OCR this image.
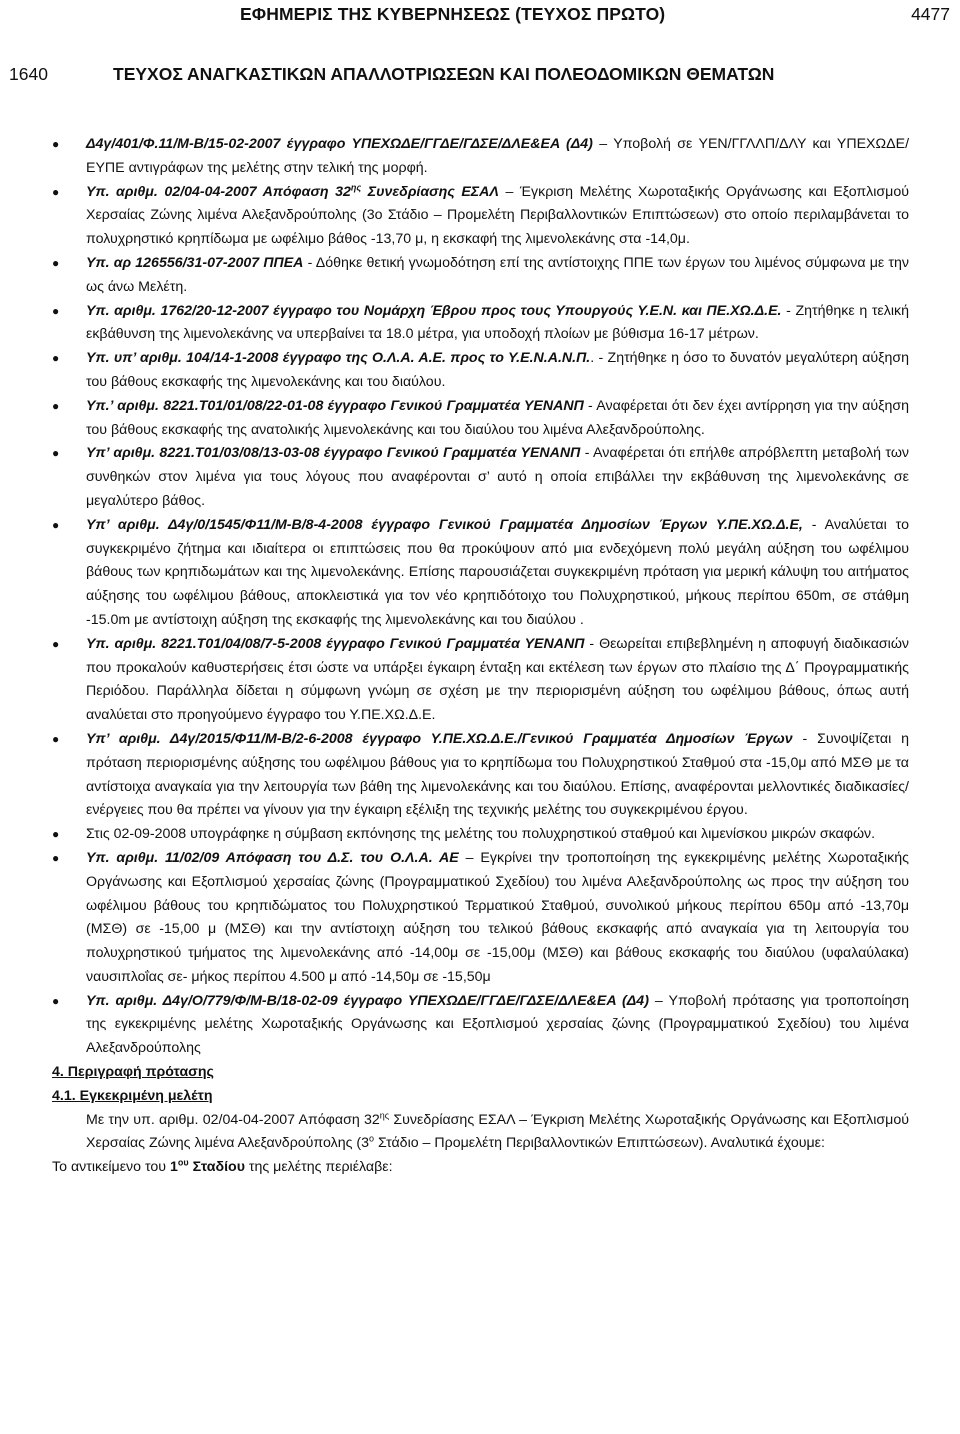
ΕΦΗΜΕΡΙΣ ΤΗΣ ΚΥΒΕΡΝΗΣΕΩΣ (ΤΕΥΧΟΣ ΠΡΩΤΟ)	4477
1640	ΤΕΥΧΟΣ ΑΝΑΓΚΑΣΤΙΚΩΝ ΑΠΑΛΛΟΤΡΙΩΣΕΩΝ ΚΑΙ ΠΟΛΕΟΔΟΜΙΚΩΝ ΘΕΜΑΤΩΝ
● Δ4γ/401/Φ.11/Μ-Β/15-02-2007 έγγραφο ΥΠΕΧΩΔΕ/ΓΓΔΕ/ΓΔΣΕ/ΔΛΕ&ΕΑ (Δ4) – Υποβολή σε ΥΕΝ/ΓΓΛΛΠ/ΔΛΥ και ΥΠΕΧΩΔΕ/ΕΥΠΕ αντιγράφων της μελέτης στην τελική της μορφή.
● Υπ. αριθμ. 02/04-04-2007 Απόφαση $32^{\eta\varsigma}$ Συνεδρίασης ΕΣΑΛ – Έγκριση Μελέτης Χωροταξικής Οργάνωσης και Εξοπλισμού Χερσαίας Ζώνης λιμένα Αλεξανδρούπολης (3ο Στάδιο – Προμελέτη Περιβαλλοντικών Επιπτώσεων) στο οποίο περιλαμβάνεται το πολυχρηστικό κρηπίδωμα με ωφέλιμο βάθος -13,70 μ, η εκσκαφή της λιμενολεκάνης στα -14,0μ.
● Υπ. αρ 126556/31-07-2007 ΠΠΕΑ - Δόθηκε θετική γνωμοδότηση επί της αντίστοιχης ΠΠΕ των έργων του λιμένος σύμφωνα με την ως άνω Μελέτη.
● Υπ. αριθμ. 1762/20-12-2007 έγγραφο του Νομάρχη Έβρου προς τους Υπουργούς Υ.Ε.Ν. και ΠΕ.ΧΩ.Δ.Ε. - Ζητήθηκε η τελική εκβάθυνση της λιμενολεκάνης να υπερβαίνει τα 18.0 μέτρα, για υποδοχή πλοίων με βύθισμα 16-17 μέτρων.
● Υπ. υπ’ αριθμ. 104/14-1-2008 έγγραφο της Ο.Λ.Α. Α.Ε. προς το Υ.Ε.Ν.Α.Ν.Π.. - Ζητήθηκε η όσο το δυνατόν μεγαλύτερη αύξηση του βάθους εκσκαφής της λιμενολεκάνης και του διαύλου.
● Υπ.’ αριθμ. 8221.Τ01/01/08/22-01-08 έγγραφο Γενικού Γραμματέα ΥΕΝΑΝΠ - Αναφέρεται ότι δεν έχει αντίρρηση για την αύξηση του βάθους εκσκαφής της ανατολικής λιμενολεκάνης και του διαύλου του λιμένα Αλεξανδρούπολης.
● Υπ’ αριθμ. 8221.Τ01/03/08/13-03-08 έγγραφο Γενικού Γραμματέα ΥΕΝΑΝΠ - Αναφέρεται ότι επήλθε απρόβλεπτη μεταβολή των συνθηκών στον λιμένα για τους λόγους που αναφέρονται σ’ αυτό η οποία επιβάλλει την εκβάθυνση της λιμενολεκάνης σε μεγαλύτερο βάθος.
● Υπ’ αριθμ. Δ4γ/0/1545/Φ11/Μ-Β/8-4-2008 έγγραφο Γενικού Γραμματέα Δημοσίων Έργων Υ.ΠΕ.ΧΩ.Δ.Ε, - Αναλύεται το συγκεκριμένο ζήτημα και ιδιαίτερα οι επιπτώσεις που θα προκύψουν από μια ενδεχόμενη πολύ μεγάλη αύξηση του ωφέλιμου βάθους των κρηπιδωμάτων και της λιμενολεκάνης. Επίσης παρουσιάζεται συγκεκριμένη πρόταση για μερική κάλυψη του αιτήματος αύξησης του ωφέλιμου βάθους, αποκλειστικά για τον νέο κρηπιδότοιχο του Πολυχρηστικού, μήκους περίπου 650m, σε στάθμη -15.0m με αντίστοιχη αύξηση της εκσκαφής της λιμενολεκάνης και του διαύλου .
● Υπ. αριθμ. 8221.Τ01/04/08/7-5-2008 έγγραφο Γενικού Γραμματέα ΥΕΝΑΝΠ - Θεωρείται επιβεβλημένη η αποφυγή διαδικασιών που προκαλούν καθυστερήσεις έτσι ώστε να υπάρξει έγκαιρη ένταξη και εκτέλεση των έργων στο πλαίσιο της Δ΄ Προγραμματικής Περιόδου. Παράλληλα δίδεται η σύμφωνη γνώμη σε σχέση με την περιορισμένη αύξηση του ωφέλιμου βάθους, όπως αυτή αναλύεται στο προηγούμενο έγγραφο του Υ.ΠΕ.ΧΩ.Δ.Ε.
● Υπ’ αριθμ. Δ4γ/2015/Φ11/Μ-Β/2-6-2008 έγγραφο Υ.ΠΕ.ΧΩ.Δ.Ε./Γενικού Γραμματέα Δημοσίων Έργων - Συνοψίζεται η πρόταση περιορισμένης αύξησης του ωφέλιμου βάθους για το κρηπίδωμα του Πολυχρηστικού Σταθμού στα -15,0μ από ΜΣΘ με τα αντίστοιχα αναγκαία για την λειτουργία των βάθη της λιμενολεκάνης και του διαύλου. Επίσης, αναφέρονται μελλοντικές διαδικασίες/ ενέργειες που θα πρέπει να γίνουν για την έγκαιρη εξέλιξη της τεχνικής μελέτης του συγκεκριμένου έργου.
● Στις 02-09-2008 υπογράφηκε η σύμβαση εκπόνησης της μελέτης του πολυχρηστικού σταθμού και λιμενίσκου μικρών σκαφών.
● Υπ. αριθμ. 11/02/09 Απόφαση του Δ.Σ. του Ο.Λ.Α. ΑΕ – Εγκρίνει την τροποποίηση της εγκεκριμένης μελέτης Χωροταξικής Οργάνωσης και Εξοπλισμού χερσαίας ζώνης (Προγραμματικού Σχεδίου) του λιμένα Αλεξανδρούπολης ως προς την αύξηση του ωφέλιμου βάθους του κρηπιδώματος του Πολυχρηστικού Τερματικού Σταθμού, συνολικού μήκους περίπου 650μ από -13,70μ (ΜΣΘ) σε -15,00 μ (ΜΣΘ) και την αντίστοιχη αύξηση του τελικού βάθους εκσκαφής από αναγκαία για τη λειτουργία του πολυχρηστικού τμήματος της λιμενολεκάνης από -14,00μ σε -15,00μ (ΜΣΘ) και βάθους εκσκαφής του διαύλου (υφαλαύλακα) ναυσιπλοΐας σε- μήκος περίπου 4.500 μ από -14,50μ σε -15,50μ
● Υπ. αριθμ. Δ4γ/Ο/779/Φ/Μ-Β/18-02-09 έγγραφο ΥΠΕΧΩΔΕ/ΓΓΔΕ/ΓΔΣΕ/ΔΛΕ&ΕΑ (Δ4) – Υποβολή πρότασης για τροποποίηση της εγκεκριμένης μελέτης Χωροταξικής Οργάνωσης και Εξοπλισμού χερσαίας ζώνης (Προγραμματικού Σχεδίου) του λιμένα Αλεξανδρούπολης

4. Περιγραφή πρότασης

4.1. Εγκεκριμένη μελέτη

Με την υπ. αριθμ. 02/04-04-2007 Απόφαση $32^{\eta\varsigma}$ Συνεδρίασης ΕΣΑΛ – Έγκριση Μελέτης Χωροταξικής Οργάνωσης και Εξοπλισμού Χερσαίας Ζώνης λιμένα Αλεξανδρούπολης ($3^o$ Στάδιο – Προμελέτη Περιβαλλοντικών Επιπτώσεων). Αναλυτικά έχουμε:

Το αντικείμενο του $1^{o\upsilon}$ Σταδίου της μελέτης περιέλαβε:
